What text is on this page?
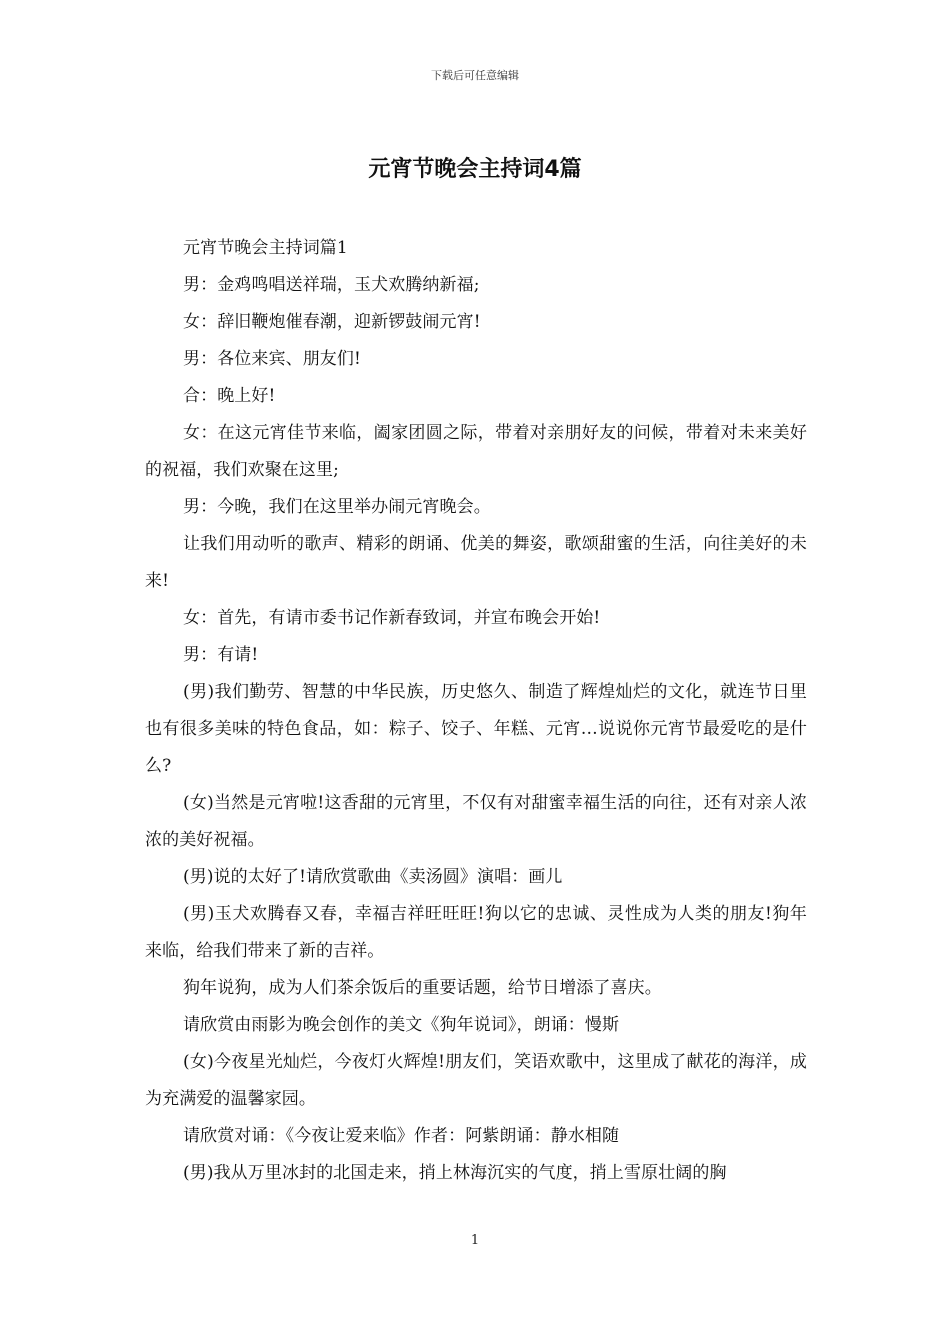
下载后可任意编辑
元宵节晚会主持词4篇

元宵节晚会主持词篇1

男：金鸡鸣唱送祥瑞，玉犬欢腾纳新福;

女：辞旧鞭炮催春潮，迎新锣鼓闹元宵!

男：各位来宾、朋友们!

合：晚上好!

女：在这元宵佳节来临，阖家团圆之际，带着对亲朋好友的问候，带着对未来美好的祝福，我们欢聚在这里;

男：今晚，我们在这里举办闹元宵晚会。

让我们用动听的歌声、精彩的朗诵、优美的舞姿，歌颂甜蜜的生活，向往美好的未来!

女：首先，有请市委书记作新春致词，并宣布晚会开始!

男：有请!

(男)我们勤劳、智慧的中华民族，历史悠久、制造了辉煌灿烂的文化，就连节日里也有很多美味的特色食品，如：粽子、饺子、年糕、元宵…说说你元宵节最爱吃的是什么?

(女)当然是元宵啦!这香甜的元宵里，不仅有对甜蜜幸福生活的向往，还有对亲人浓浓的美好祝福。

(男)说的太好了!请欣赏歌曲《卖汤圆》演唱：画儿

(男)玉犬欢腾春又春，幸福吉祥旺旺旺!狗以它的忠诚、灵性成为人类的朋友!狗年来临，给我们带来了新的吉祥。

狗年说狗，成为人们茶余饭后的重要话题，给节日增添了喜庆。

请欣赏由雨影为晚会创作的美文《狗年说词》，朗诵：慢斯

(女)今夜星光灿烂，今夜灯火辉煌!朋友们，笑语欢歌中，这里成了献花的海洋，成为充满爱的温馨家园。

请欣赏对诵：《今夜让爱来临》作者：阿紫朗诵：静水相随

(男)我从万里冰封的北国走来，捎上林海沉实的气度，捎上雪原壮阔的胸

1
